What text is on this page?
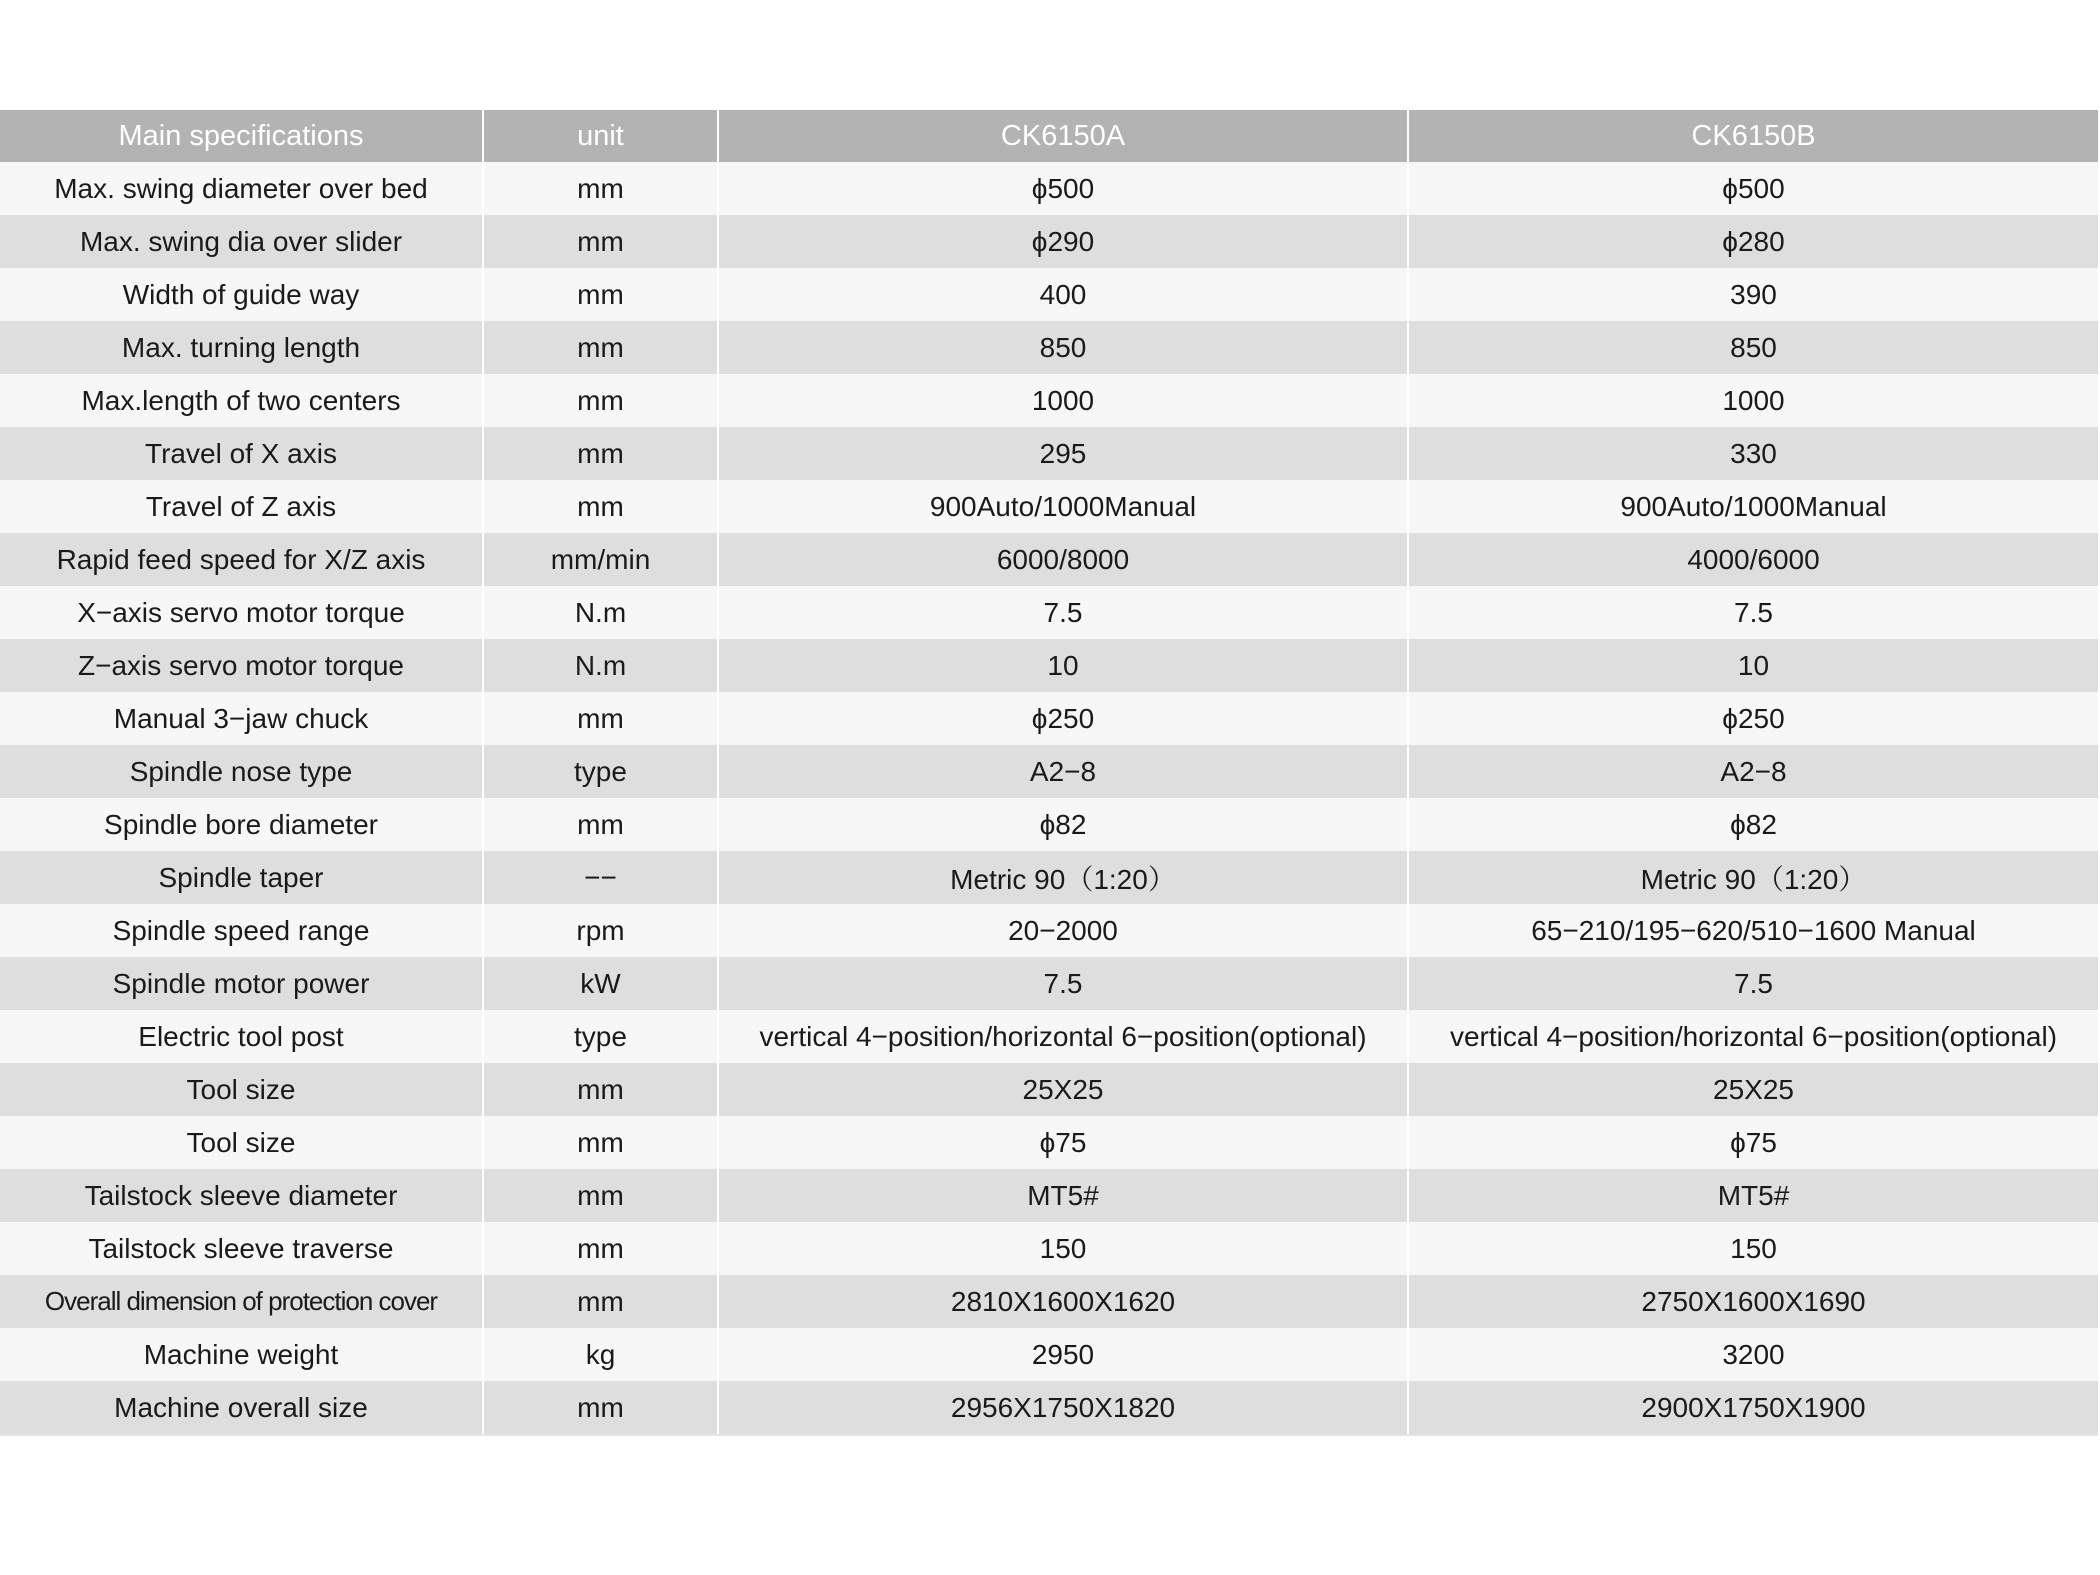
Main specifications	unit	CK6150A	CK6150B
Max. swing diameter over bed	mm	ϕ500	ϕ500
Max. swing dia over slider	mm	ϕ290	ϕ280
Width of guide way	mm	400	390
Max. turning length	mm	850	850
Max.length of two centers	mm	1000	1000
Travel of X axis	mm	295	330
Travel of Z axis	mm	900Auto/1000Manual	900Auto/1000Manual
Rapid feed speed for X/Z axis	mm/min	6000/8000	4000/6000
X−axis servo motor torque	N.m	7.5	7.5
Z−axis servo motor torque	N.m	10	10
Manual 3−jaw chuck	mm	ϕ250	ϕ250
Spindle nose type	type	A2−8	A2−8
Spindle bore diameter	mm	ϕ82	ϕ82
Spindle taper	−−	Metric 90（1:20）	Metric 90（1:20）
Spindle speed range	rpm	20−2000	65−210/195−620/510−1600 Manual
Spindle motor power	kW	7.5	7.5
Electric tool post	type	vertical 4−position/horizontal 6−position(optional)	vertical 4−position/horizontal 6−position(optional)
Tool size	mm	25X25	25X25
Tool size	mm	ϕ75	ϕ75
Tailstock sleeve diameter	mm	MT5#	MT5#
Tailstock sleeve traverse	mm	150	150
Overall dimension of protection cover	mm	2810X1600X1620	2750X1600X1690
Machine weight	kg	2950	3200
Machine overall size	mm	2956X1750X1820	2900X1750X1900
